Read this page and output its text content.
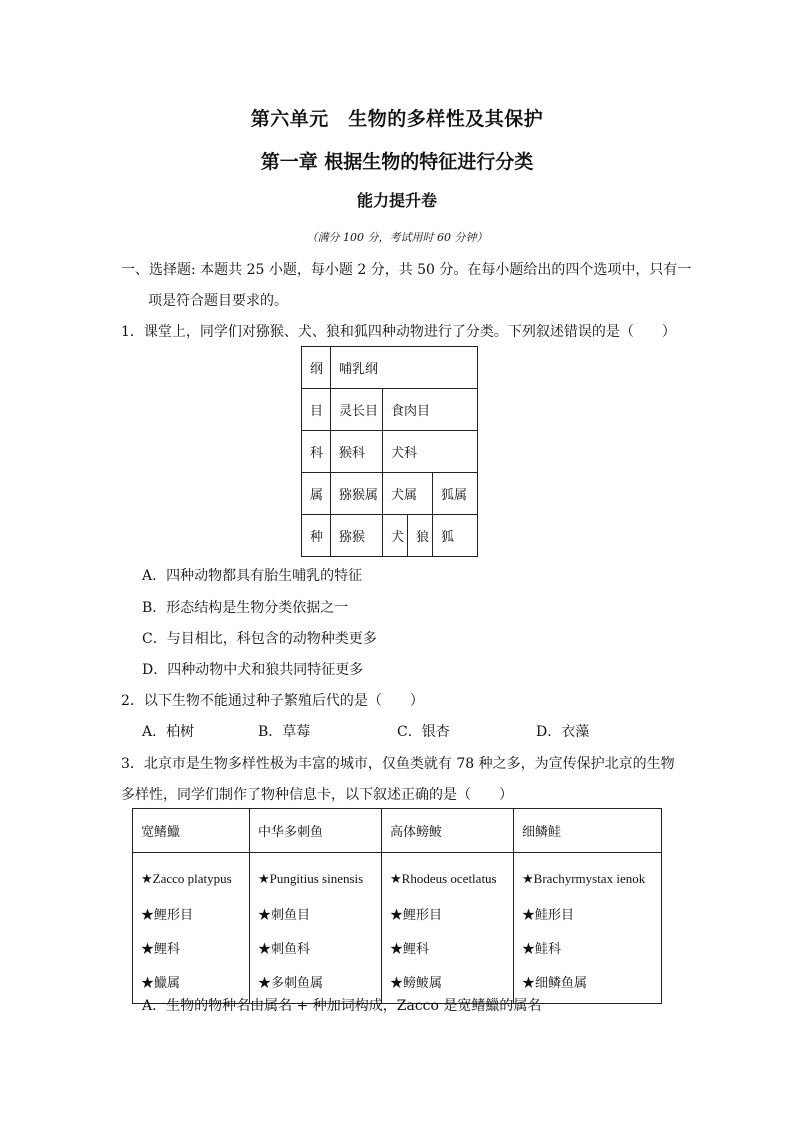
第六单元　生物的多样性及其保护
第一章 根据生物的特征进行分类
能力提升卷
（满分 100 分，考试用时 60 分钟）
一、选择题: 本题共 25 小题，每小题 2 分，共 50 分。在每小题给出的四个选项中，只有一
项是符合题目要求的。
1．课堂上，同学们对猕猴、犬、狼和狐四种动物进行了分类。下列叙述错误的是（　　）
纲	哺乳纲			
目	灵长目	食肉目		
科	猴科	犬科		
属	猕猴属	犬属		狐属
种	猕猴	犬	狼	狐
A．四种动物都具有胎生哺乳的特征
B．形态结构是生物分类依据之一
C．与目相比，科包含的动物种类更多
D．四种动物中犬和狼共同特征更多
2．以下生物不能通过种子繁殖后代的是（　　）
A．柏树	B．草莓	C．银杏	D．衣藻
3．北京市是生物多样性极为丰富的城市，仅鱼类就有 78 种之多，为宣传保护北京的生物
多样性，同学们制作了物种信息卡，以下叙述正确的是（　　）
宽鳍鱲	中华多刺鱼	高体鳑鲏	细鳞鲑
★Zacco platypus	★Pungitius sinensis	★Rhodeus ocetlatus	★Brachyrmystax ienok
★鲤形目	★刺鱼目	★鲤形目	★鲑形目
★鲤科	★刺鱼科	★鲤科	★鲑科
★鱲属	★多刺鱼属	★鳑鲏属	★细鳞鱼属
A．生物的物种名由属名 + 种加词构成，Zacco 是宽鳍鱲的属名
